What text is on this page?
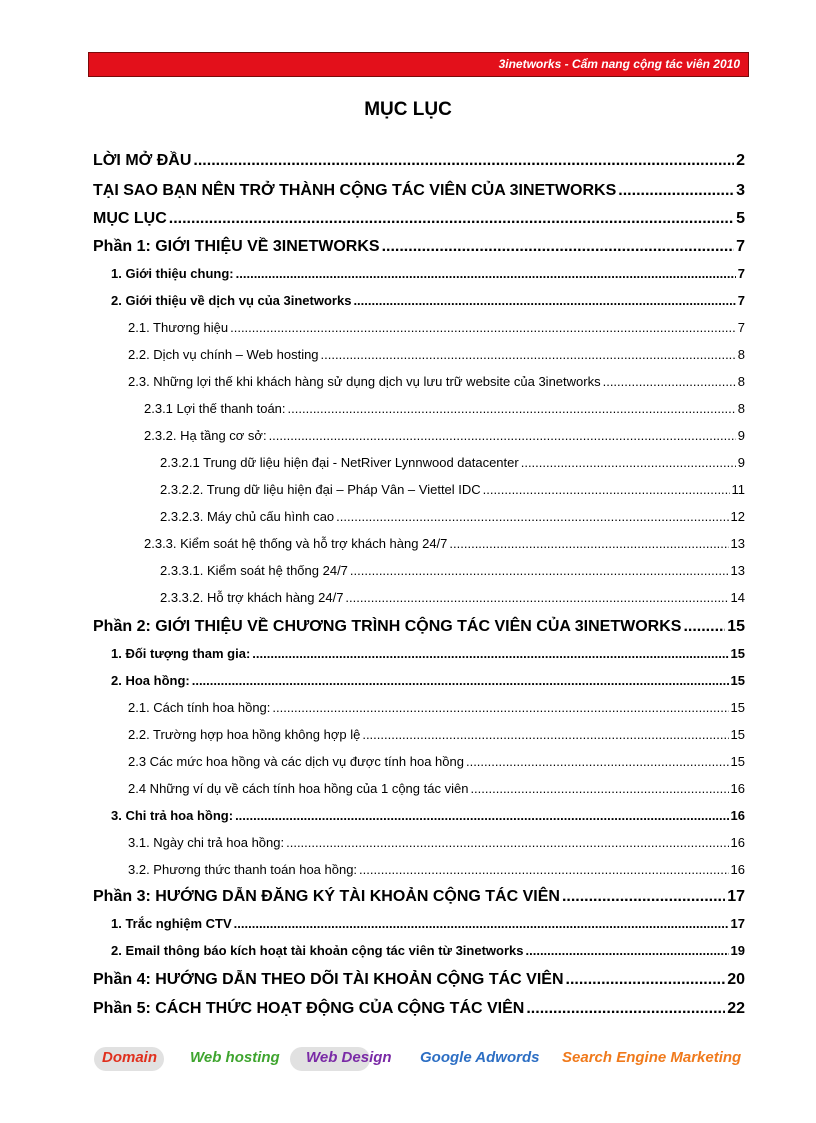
3inetworks - Cẩm nang cộng tác viên 2010
MỤC LỤC
LỜI MỞ ĐẦU .....	2
TẠI SAO BẠN NÊN TRỞ THÀNH CỘNG TÁC VIÊN CỦA 3INETWORKS .....	3
MỤC LỤC .....	5
Phần 1: GIỚI THIỆU VỀ 3INETWORKS .....	7
1. Giới thiệu chung: .....	7
2. Giới thiệu về dịch vụ của 3inetworks .....	7
2.1. Thương hiệu .....	7
2.2. Dịch vụ chính – Web hosting .....	8
2.3. Những lợi thế khi khách hàng sử dụng dịch vụ lưu trữ website của 3inetworks .....	8
2.3.1 Lợi thế thanh toán: .....	8
2.3.2. Hạ tầng cơ sở: .....	9
2.3.2.1 Trung dữ liệu hiện đại - NetRiver Lynnwood datacenter .....	9
2.3.2.2. Trung dữ liệu hiện đại – Pháp Vân – Viettel IDC .....	11
2.3.2.3. Máy chủ cấu hình cao .....	12
2.3.3. Kiểm soát hệ thống và hỗ trợ khách hàng 24/7 .....	13
2.3.3.1. Kiểm soát hệ thống 24/7 .....	13
2.3.3.2. Hỗ trợ khách hàng 24/7 .....	14
Phần 2: GIỚI THIỆU VỀ CHƯƠNG TRÌNH CỘNG TÁC VIÊN CỦA 3INETWORKS .....	15
1. Đối tượng tham gia: .....	15
2. Hoa hồng: .....	15
2.1. Cách tính hoa hồng: .....	15
2.2. Trường hợp hoa hồng không hợp lệ .....	15
2.3 Các mức hoa hồng và các dịch vụ được tính hoa hồng .....	15
2.4 Những ví dụ về cách tính hoa hồng của 1 cộng tác viên .....	16
3. Chi trả hoa hồng: .....	16
3.1. Ngày chi trả hoa hồng: .....	16
3.2. Phương thức thanh toán hoa hồng: .....	16
Phần 3: HƯỚNG DẪN ĐĂNG KÝ TÀI KHOẢN CỘNG TÁC VIÊN .....	17
1. Trắc nghiệm CTV .....	17
2. Email thông báo kích hoạt tài khoản cộng tác viên từ 3inetworks .....	19
Phần 4: HƯỚNG DẪN THEO DÕI TÀI KHOẢN CỘNG TÁC VIÊN .....	20
Phần 5: CÁCH THỨC HOẠT ĐỘNG CỦA CỘNG TÁC VIÊN .....	22
Domain Web hosting Web Design Google Adwords Search Engine Marketing
